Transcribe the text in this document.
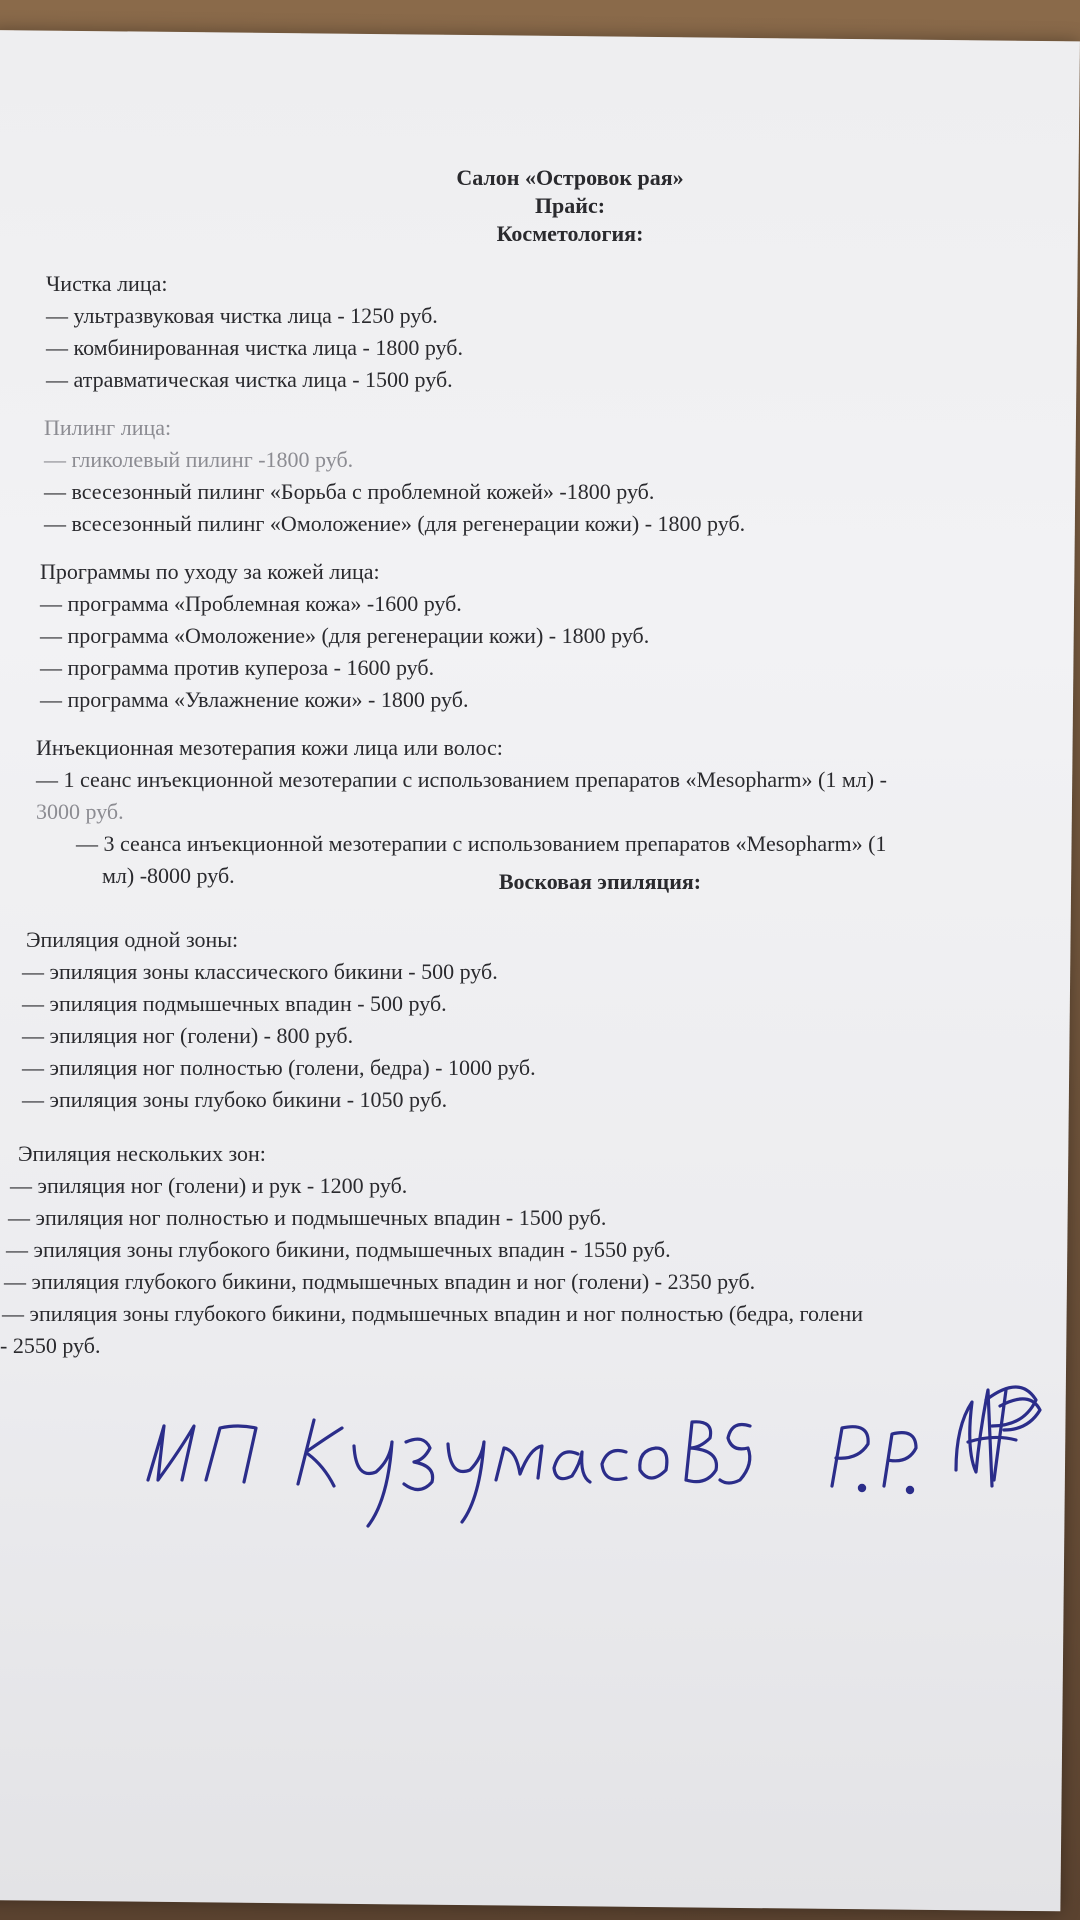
Салон «Островок рая»
Прайс:
Косметология:
Чистка лица:
— ультразвуковая чистка лица - 1250 руб.
— комбинированная чистка лица - 1800 руб.
— атравматическая чистка лица - 1500 руб.
Пилинг лица:
— гликолевый пилинг -1800 руб.
— всесезонный пилинг «Борьба с проблемной кожей» -1800 руб.
— всесезонный пилинг «Омоложение» (для регенерации кожи) - 1800 руб.
Программы по уходу за кожей лица:
— программа «Проблемная кожа» -1600 руб.
— программа «Омоложение» (для регенерации кожи) - 1800 руб.
— программа против купероза - 1600 руб.
— программа «Увлажнение кожи» - 1800 руб.
Инъекционная мезотерапия кожи лица или волос:
— 1 сеанс инъекционной мезотерапии с использованием препаратов «Mesopharm» (1 мл) -
3000 руб.
— 3 сеанса инъекционной мезотерапии с использованием препаратов «Mesopharm» (1
мл) -8000 руб.	Восковая эпиляция:
Эпиляция одной зоны:
— эпиляция зоны классического бикини - 500 руб.
— эпиляция подмышечных впадин - 500 руб.
— эпиляция ног (голени) - 800 руб.
— эпиляция ног полностью (голени, бедра) - 1000 руб.
— эпиляция зоны глубоко бикини - 1050 руб.
Эпиляция нескольких зон:
— эпиляция ног (голени) и рук - 1200 руб.
— эпиляция ног полностью и подмышечных впадин - 1500 руб.
— эпиляция зоны глубокого бикини, подмышечных впадин - 1550 руб.
— эпиляция глубокого бикини, подмышечных впадин и ног (голени) - 2350 руб.
— эпиляция зоны глубокого бикини, подмышечных впадин и ног полностью (бедра, голени
- 2550 руб.
